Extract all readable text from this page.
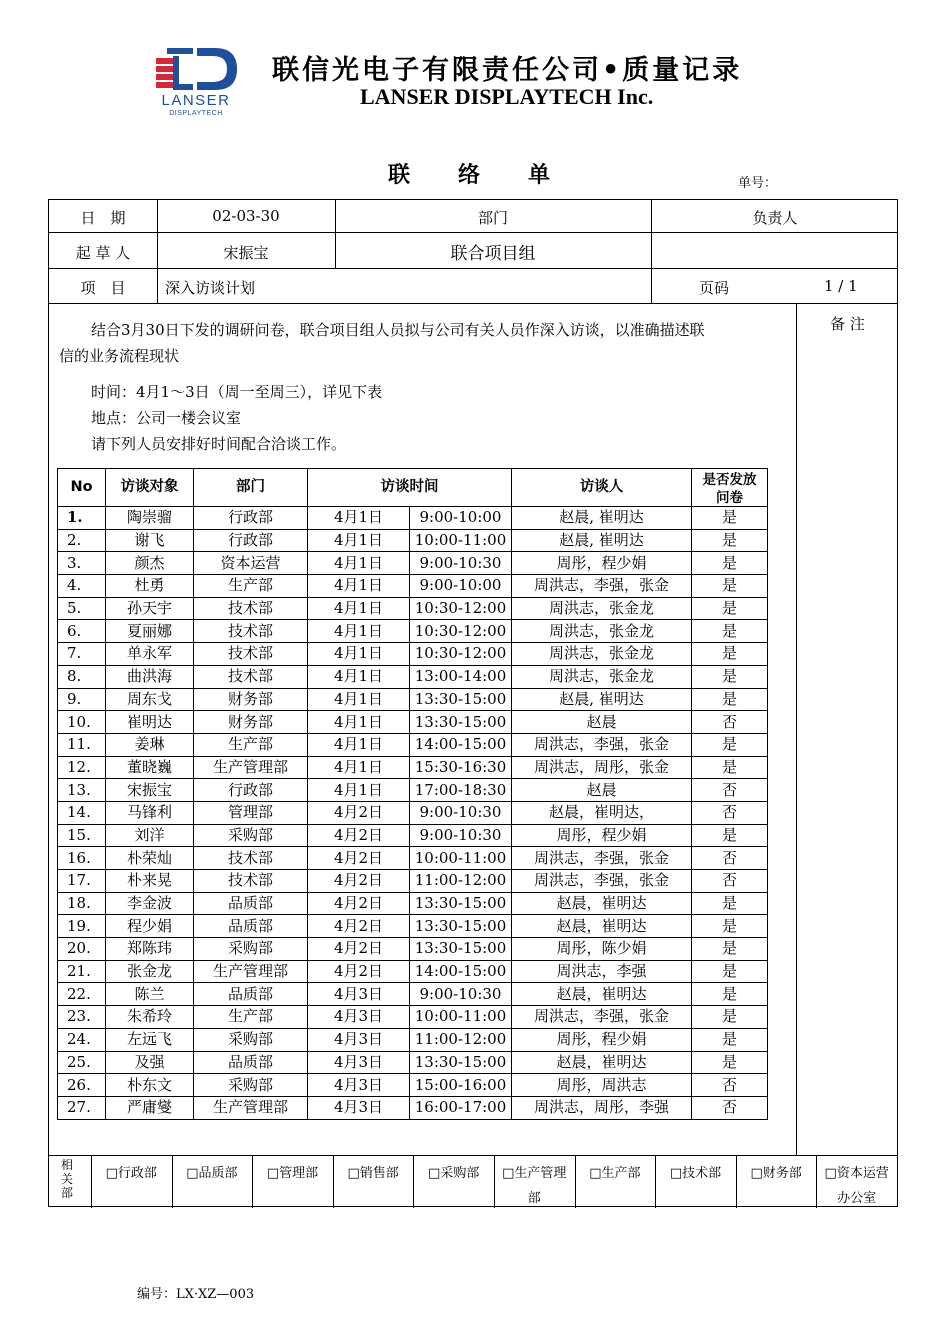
LANSER
DISPLAYTECH
联信光电子有限责任公司•质量记录
LANSER DISPLAYTECH Inc.
联络单	单号：
日　期	02-03-30	部门	负责人
起 草 人	宋振宝	联合项目组
项　目	深入访谈计划	页码	1 / 1
备 注
结合3月30日下发的调研问卷，联合项目组人员拟与公司有关人员作深入访谈，以准确描述联
信的业务流程现状
时间：4月1～3日（周一至周三），详见下表
地点：公司一楼会议室
请下列人员安排好时间配合洽谈工作。
No	访谈对象	部门	访谈时间		访谈人	是否发放问卷

1.	陶崇骝	行政部	4月1日	9:00-10:00	赵晨, 崔明达	是
2.	谢飞	行政部	4月1日	10:00-11:00	赵晨, 崔明达	是
3.	颜杰	资本运营	4月1日	9:00-10:30	周彤，程少娟	是
4.	杜勇	生产部	4月1日	9:00-10:00	周洪志，李强，张金	是
5.	孙天宇	技术部	4月1日	10:30-12:00	周洪志，张金龙	是
6.	夏丽娜	技术部	4月1日	10:30-12:00	周洪志，张金龙	是
7.	单永军	技术部	4月1日	10:30-12:00	周洪志，张金龙	是
8.	曲洪海	技术部	4月1日	13:00-14:00	周洪志，张金龙	是
9.	周东戈	财务部	4月1日	13:30-15:00	赵晨, 崔明达	是
10.	崔明达	财务部	4月1日	13:30-15:00	赵晨	否
11.	姜琳	生产部	4月1日	14:00-15:00	周洪志，李强，张金	是
12.	董晓巍	生产管理部	4月1日	15:30-16:30	周洪志，周彤，张金	是
13.	宋振宝	行政部	4月1日	17:00-18:30	赵晨	否
14.	马锋利	管理部	4月2日	9:00-10:30	赵晨，崔明达，	否
15.	刘洋	采购部	4月2日	9:00-10:30	周彤，程少娟	是
16.	朴荣灿	技术部	4月2日	10:00-11:00	周洪志，李强，张金	否
17.	朴来晃	技术部	4月2日	11:00-12:00	周洪志，李强，张金	否
18.	李金波	品质部	4月2日	13:30-15:00	赵晨，崔明达	是
19.	程少娟	品质部	4月2日	13:30-15:00	赵晨，崔明达	是
20.	郑陈玮	采购部	4月2日	13:30-15:00	周彤，陈少娟	是
21.	张金龙	生产管理部	4月2日	14:00-15:00	周洪志，李强	是
22.	陈兰	品质部	4月3日	9:00-10:30	赵晨，崔明达	是
23.	朱希玲	生产部	4月3日	10:00-11:00	周洪志，李强，张金	是
24.	左远飞	采购部	4月3日	11:00-12:00	周彤，程少娟	是
25.	及强	品质部	4月3日	13:30-15:00	赵晨，崔明达	是
26.	朴东文	采购部	4月3日	15:00-16:00	周彤，周洪志	否
27.	严庸燮	生产管理部	4月3日	16:00-17:00	周洪志，周彤，李强	否
相关部
□行政部	□品质部	□管理部	□销售部	□采购部	□生产管理部
□生产部	□技术部	□财务部	□资本运营办公室
编号：LX·XZ—003
